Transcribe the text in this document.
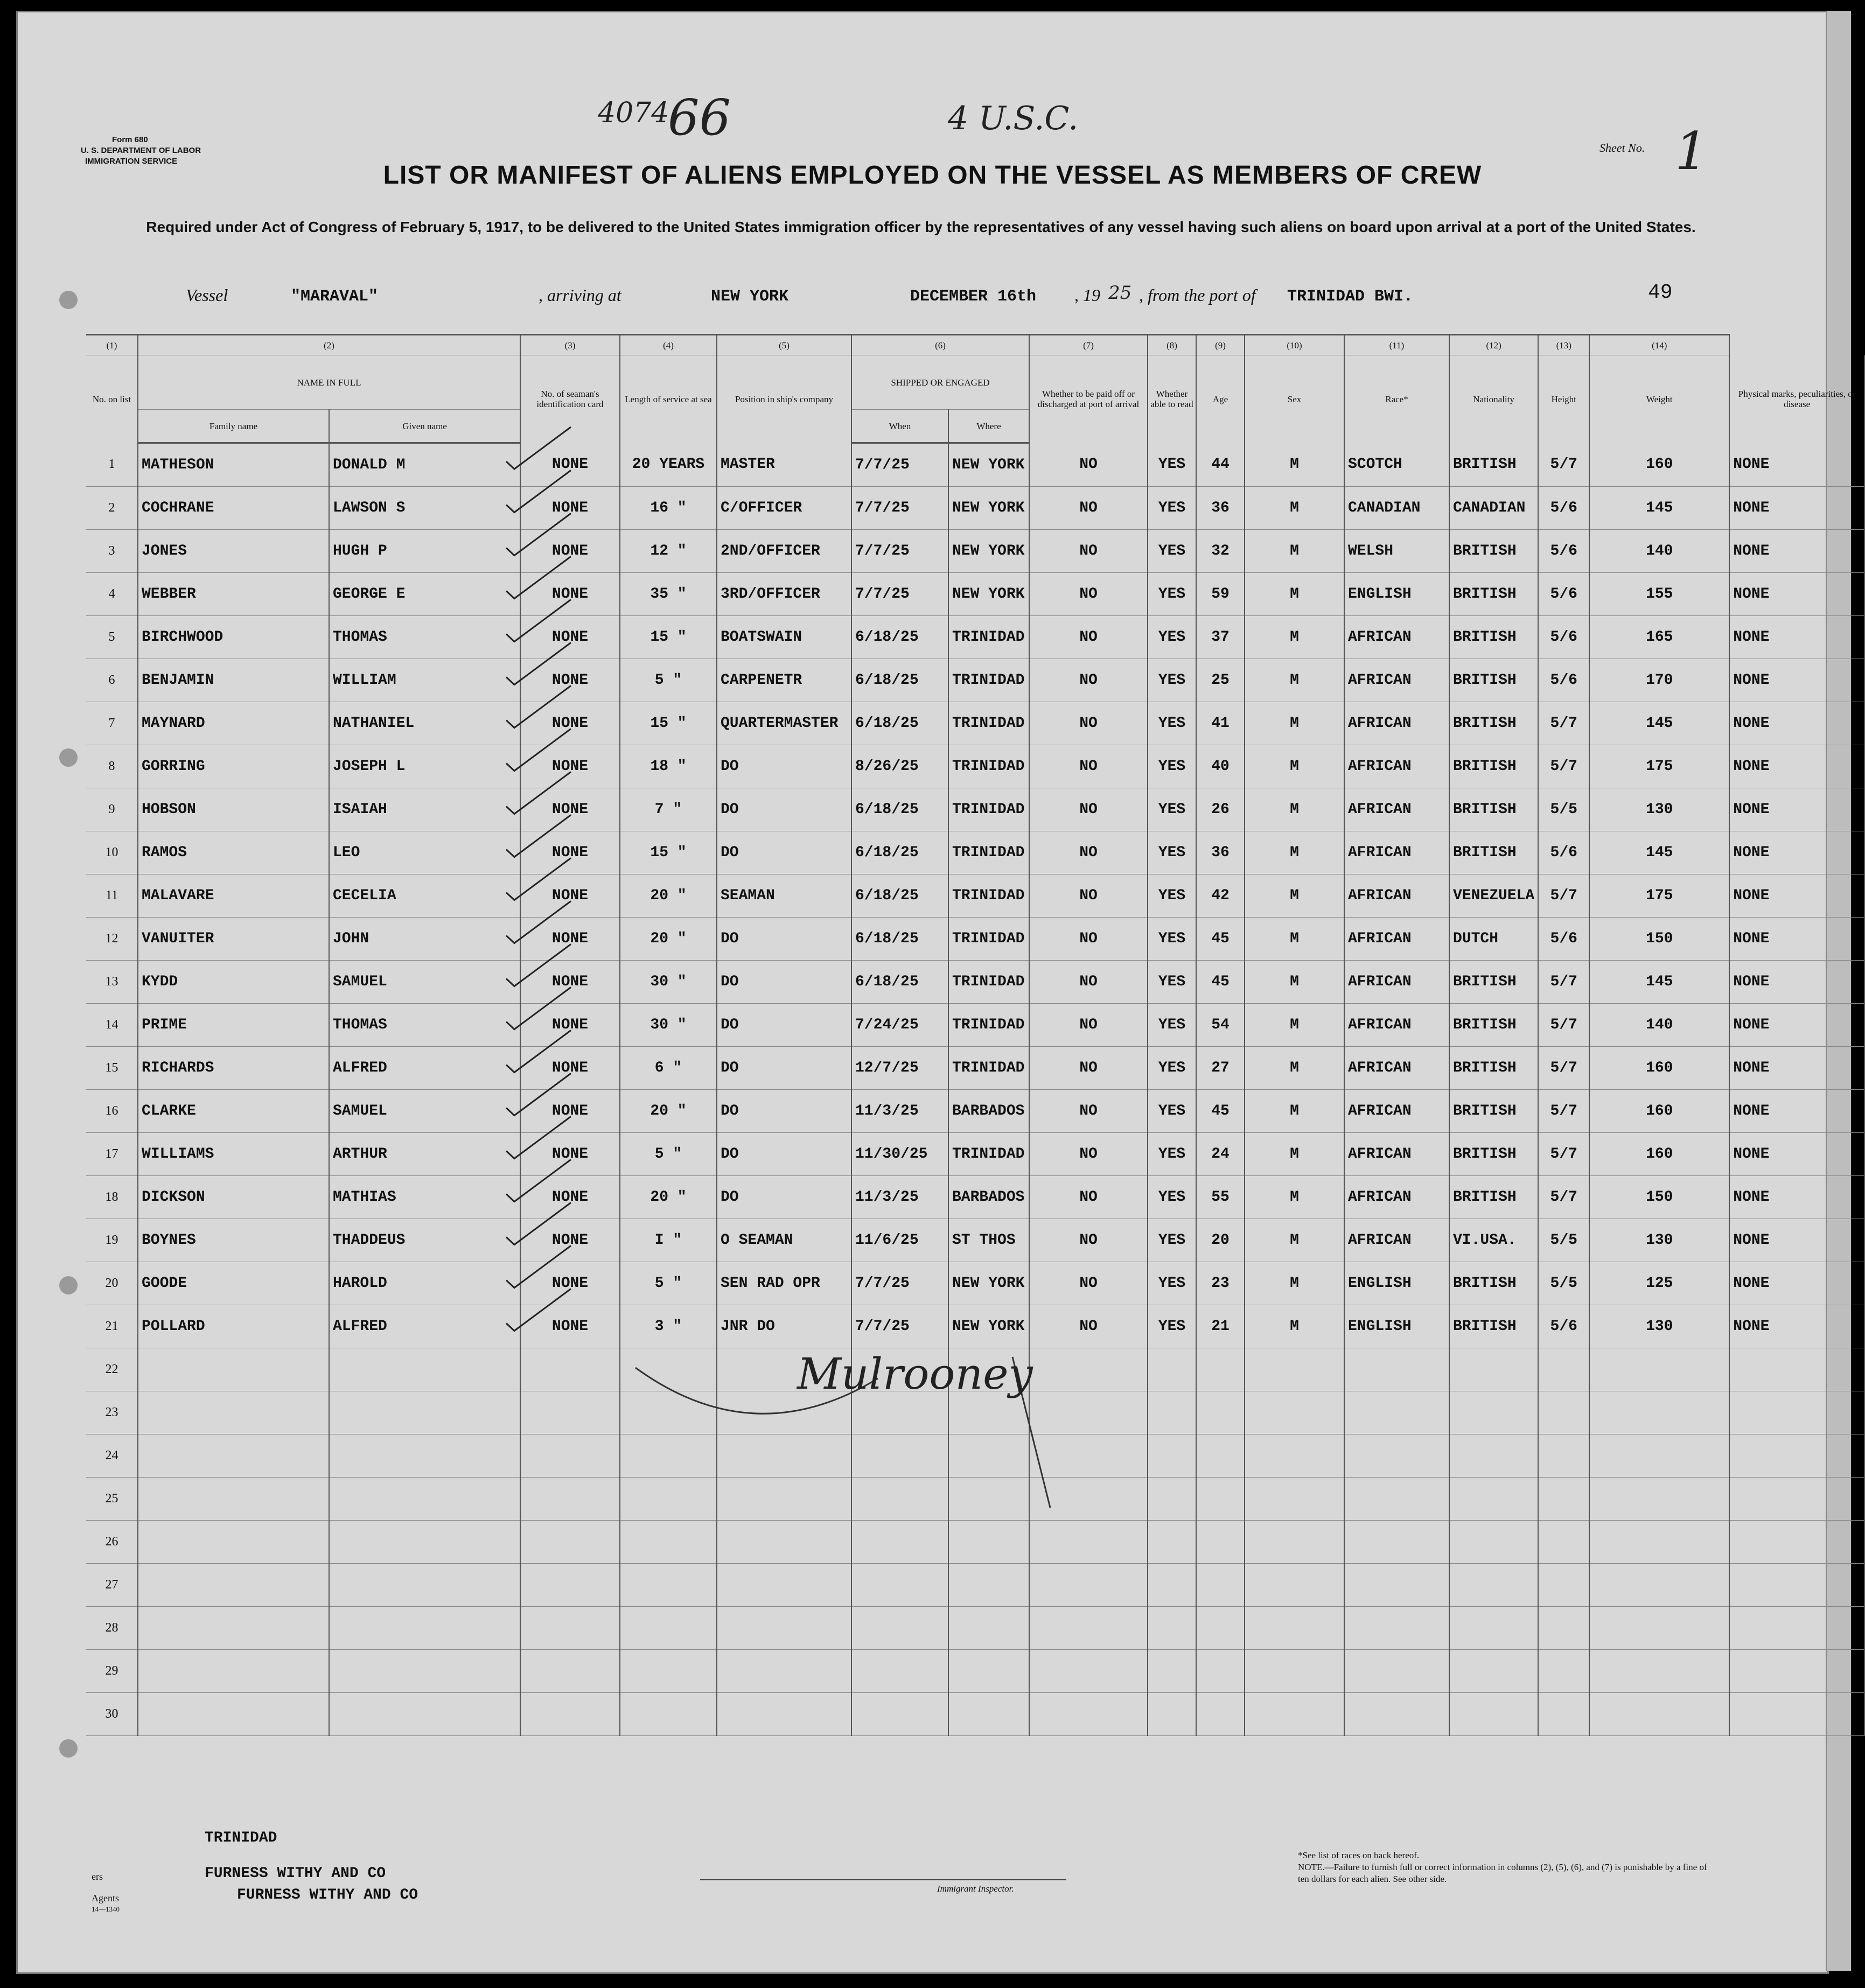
4074
66	4 U.S.C.
Form 680
U. S. DEPARTMENT OF LABOR
IMMIGRATION SERVICE
Sheet No. 1
LIST OR MANIFEST OF ALIENS EMPLOYED ON THE VESSEL AS MEMBERS OF CREW
Required under Act of Congress of February 5, 1917, to be delivered to the United States immigration officer by the representatives of any vessel having such aliens on board upon arrival at a port of the United States.
Vessel	"MARAVAL"	, arriving at	NEW YORK	DECEMBER 16th , 19 25 , from the port of TRINIDAD BWI.	49
(1)	(2)		(3)	(4)	(5)	(6)		(7)	(8)	(9)	(10)	(11)	(12)	(13)	(14)	
No. on list	NAME IN FULL		No. of seaman's identification card	Length of service at sea	Position in ship's company	SHIPPED OR ENGAGED		Whether to be paid off or discharged at port of arrival	Whether able to read	Age	Sex	Race*	Nationality	Height	Weight	Physical marks, peculiarities, or disease
	Family name	Given name				When	Where									
1	MATHESON	DONALD M	NONE	20 YEARS	MASTER	7/7/25	NEW YORK	NO	YES	44	M	SCOTCH	BRITISH	5/7	160	NONE
2	COCHRANE	LAWSON S	NONE	16 "	C/OFFICER	7/7/25	NEW YORK	NO	YES	36	M	CANADIAN	CANADIAN	5/6	145	NONE
3	JONES	HUGH P	NONE	12 "	2ND/OFFICER	7/7/25	NEW YORK	NO	YES	32	M	WELSH	BRITISH	5/6	140	NONE
4	WEBBER	GEORGE E	NONE	35 "	3RD/OFFICER	7/7/25	NEW YORK	NO	YES	59	M	ENGLISH	BRITISH	5/6	155	NONE
5	BIRCHWOOD	THOMAS	NONE	15 "	BOATSWAIN	6/18/25	TRINIDAD	NO	YES	37	M	AFRICAN	BRITISH	5/6	165	NONE
6	BENJAMIN	WILLIAM	NONE	5 "	CARPENETR	6/18/25	TRINIDAD	NO	YES	25	M	AFRICAN	BRITISH	5/6	170	NONE
7	MAYNARD	NATHANIEL	NONE	15 "	QUARTERMASTER	6/18/25	TRINIDAD	NO	YES	41	M	AFRICAN	BRITISH	5/7	145	NONE
8	GORRING	JOSEPH L	NONE	18 "	DO	8/26/25	TRINIDAD	NO	YES	40	M	AFRICAN	BRITISH	5/7	175	NONE
9	HOBSON	ISAIAH	NONE	7 "	DO	6/18/25	TRINIDAD	NO	YES	26	M	AFRICAN	BRITISH	5/5	130	NONE
10	RAMOS	LEO	NONE	15 "	DO	6/18/25	TRINIDAD	NO	YES	36	M	AFRICAN	BRITISH	5/6	145	NONE
11	MALAVARE	CECELIA	NONE	20 "	SEAMAN	6/18/25	TRINIDAD	NO	YES	42	M	AFRICAN	VENEZUELA	5/7	175	NONE
12	VANUITER	JOHN	NONE	20 "	DO	6/18/25	TRINIDAD	NO	YES	45	M	AFRICAN	DUTCH	5/6	150	NONE
13	KYDD	SAMUEL	NONE	30 "	DO	6/18/25	TRINIDAD	NO	YES	45	M	AFRICAN	BRITISH	5/7	145	NONE
14	PRIME	THOMAS	NONE	30 "	DO	7/24/25	TRINIDAD	NO	YES	54	M	AFRICAN	BRITISH	5/7	140	NONE
15	RICHARDS	ALFRED	NONE	6 "	DO	12/7/25	TRINIDAD	NO	YES	27	M	AFRICAN	BRITISH	5/7	160	NONE
16	CLARKE	SAMUEL	NONE	20 "	DO	11/3/25	BARBADOS	NO	YES	45	M	AFRICAN	BRITISH	5/7	160	NONE
17	WILLIAMS	ARTHUR	NONE	5 "	DO	11/30/25	TRINIDAD	NO	YES	24	M	AFRICAN	BRITISH	5/7	160	NONE
18	DICKSON	MATHIAS	NONE	20 "	DO	11/3/25	BARBADOS	NO	YES	55	M	AFRICAN	BRITISH	5/7	150	NONE
19	BOYNES	THADDEUS	NONE	I "	O SEAMAN	11/6/25	ST THOS	NO	YES	20	M	AFRICAN	VI.USA.	5/5	130	NONE
20	GOODE	HAROLD	NONE	5 "	SEN RAD OPR	7/7/25	NEW YORK	NO	YES	23	M	ENGLISH	BRITISH	5/5	125	NONE
21	POLLARD	ALFRED	NONE	3 "	JNR DO	7/7/25	NEW YORK	NO	YES	21	M	ENGLISH	BRITISH	5/6	130	NONE
22																
23																
24																
25																
26																
27																
28																
29																
30																
Mulrooney
TRINIDAD
ers	FURNESS WITHY AND CO
Agents	FURNESS WITHY AND CO
14—1340
Immigrant Inspector.
*See list of races on back hereof.
NOTE.—Failure to furnish full or correct information in columns (2), (5), (6), and (7) is punishable by a fine of ten dollars for each alien. See other side.
